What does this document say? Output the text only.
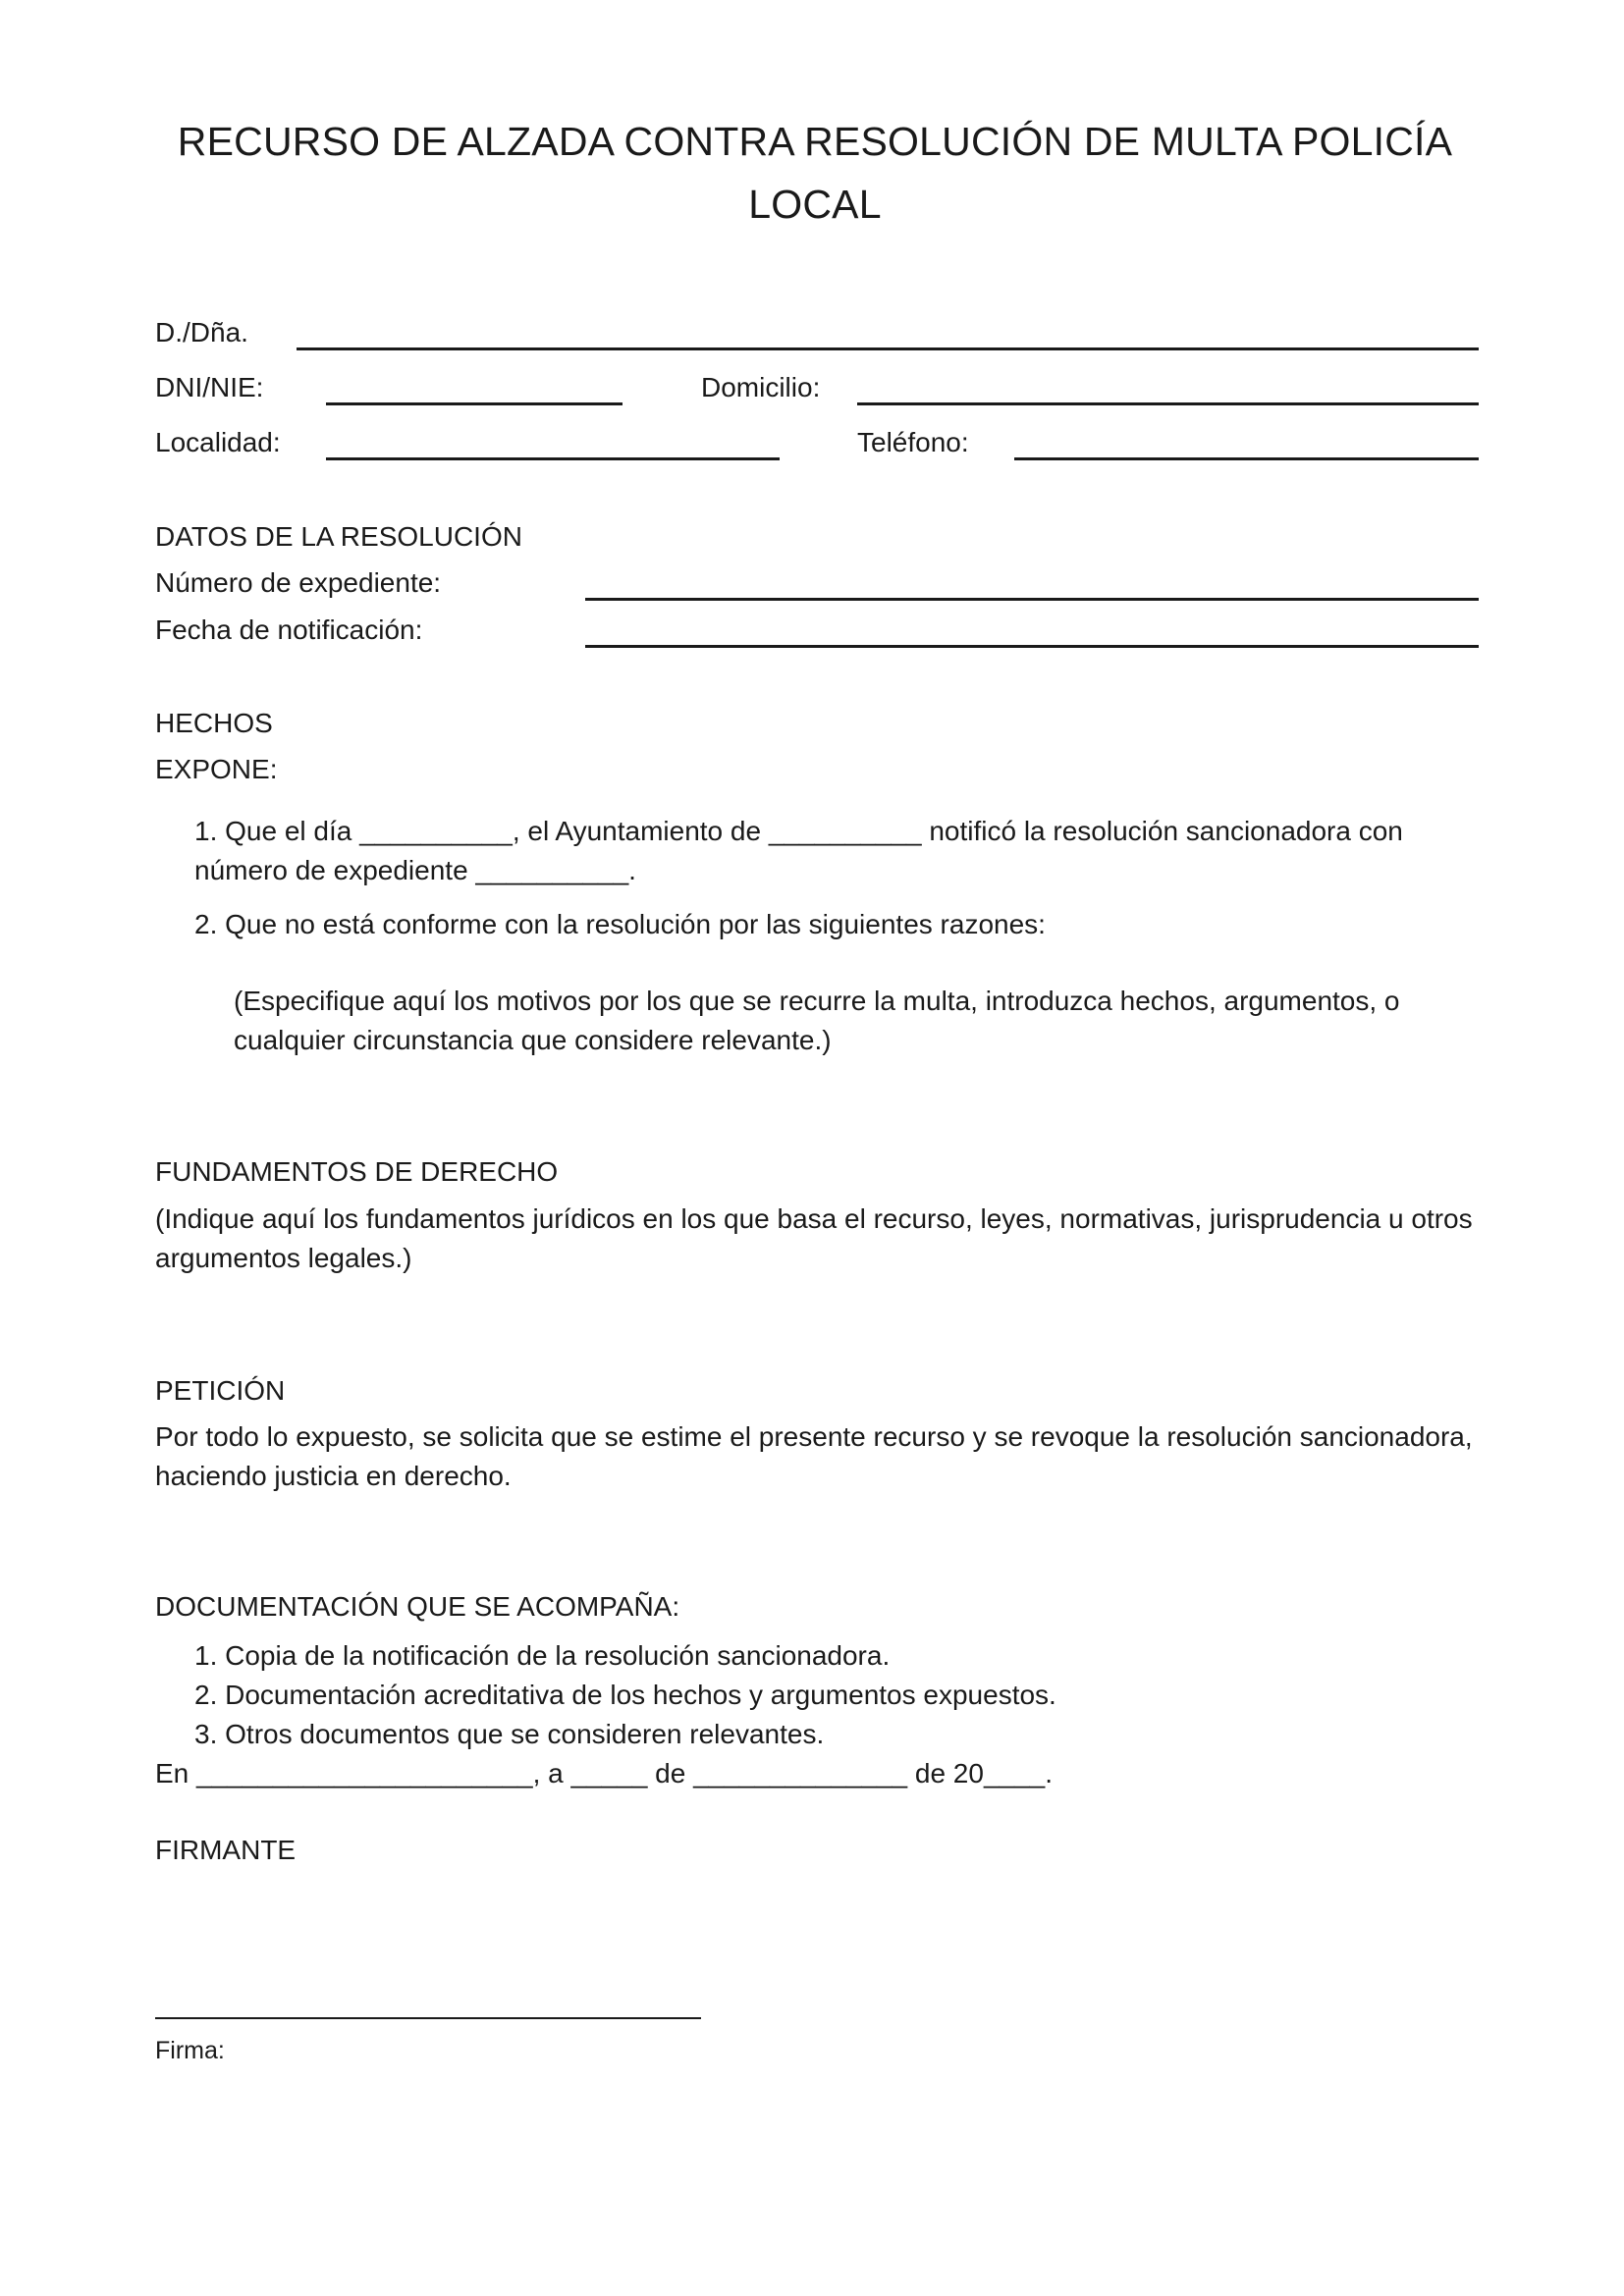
RECURSO DE ALZADA CONTRA RESOLUCIÓN DE MULTA POLICÍA LOCAL
D./Dña.
DNI/NIE:	Domicilio:
Localidad:	Teléfono:
DATOS DE LA RESOLUCIÓN
Número de expediente:
Fecha de notificación:
HECHOS
EXPONE:
1. Que el día __________, el Ayuntamiento de __________ notificó la resolución sancionadora con número de expediente __________.
2. Que no está conforme con la resolución por las siguientes razones:
(Especifique aquí los motivos por los que se recurre la multa, introduzca hechos, argumentos, o cualquier circunstancia que considere relevante.)
FUNDAMENTOS DE DERECHO
(Indique aquí los fundamentos jurídicos en los que basa el recurso, leyes, normativas, jurisprudencia u otros argumentos legales.)
PETICIÓN
Por todo lo expuesto, se solicita que se estime el presente recurso y se revoque la resolución sancionadora, haciendo justicia en derecho.
DOCUMENTACIÓN QUE SE ACOMPAÑA:
1. Copia de la notificación de la resolución sancionadora.
2. Documentación acreditativa de los hechos y argumentos expuestos.
3. Otros documentos que se consideren relevantes.
En ______________________, a _____ de ______________ de 20____.
FIRMANTE
Firma:
